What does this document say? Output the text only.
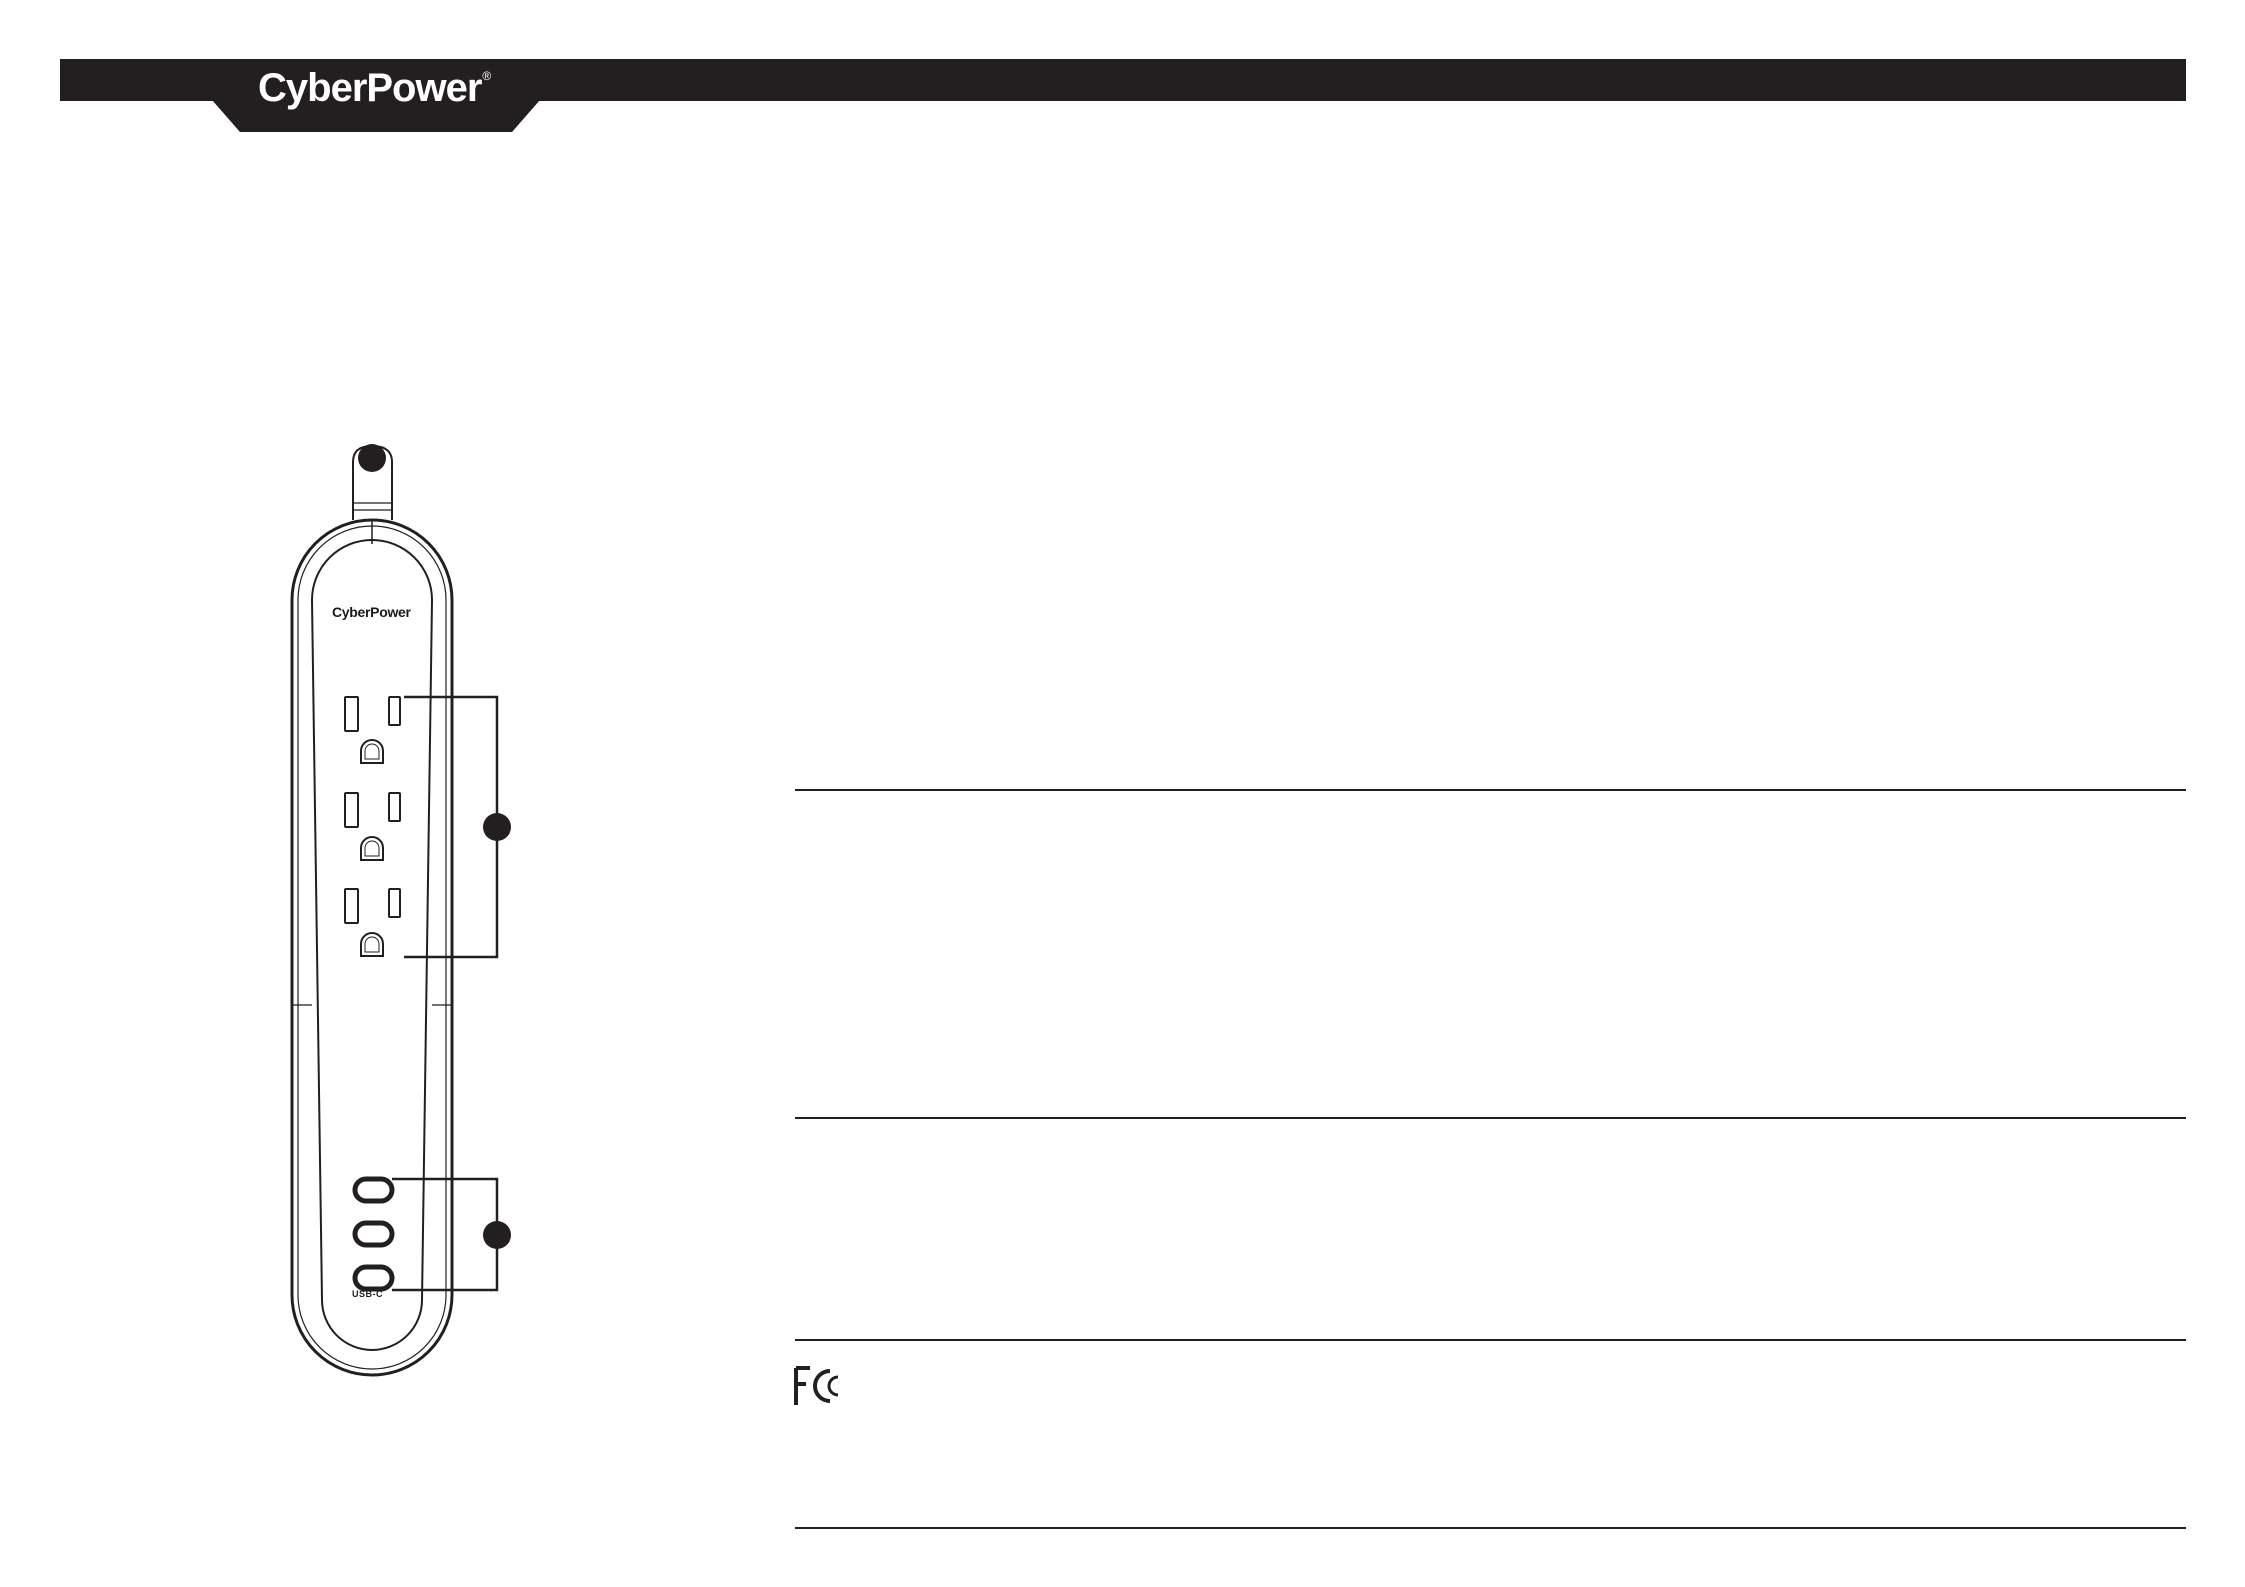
CyberPower®
CyberPower
USB-C
